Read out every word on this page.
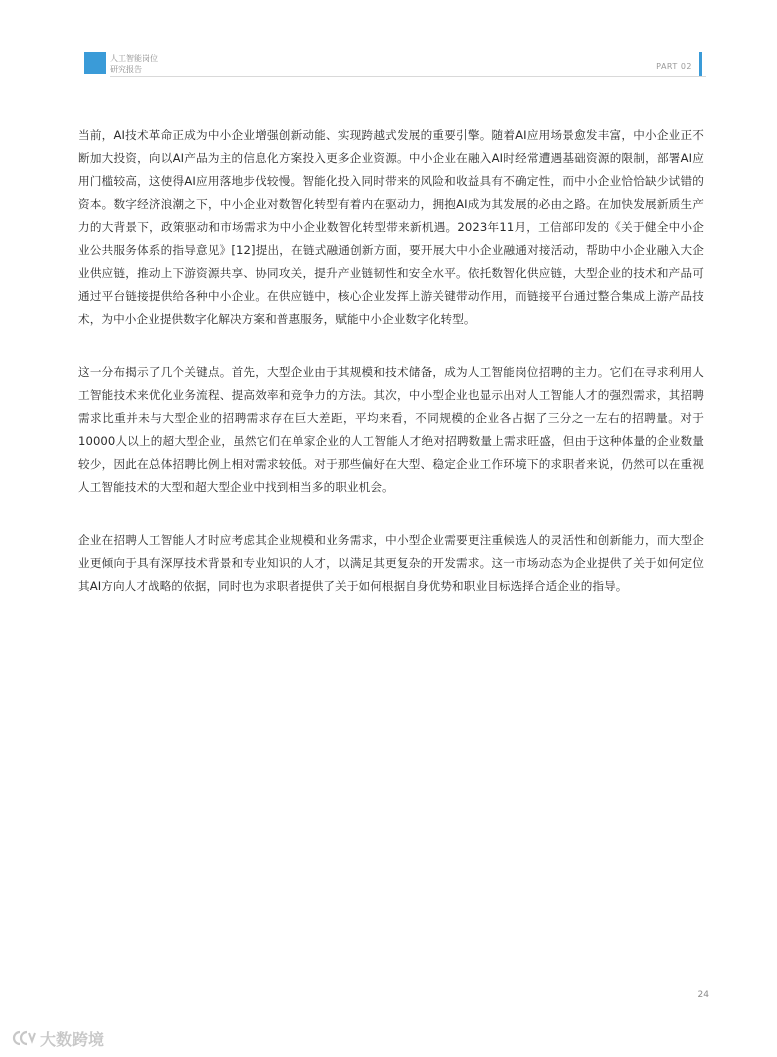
人工智能岗位
研究报告	PART 02

当前，AI技术革命正成为中小企业增强创新动能、实现跨越式发展的重要引擎。随着AI应用场景愈发丰富，中小企业正不断加大投资，向以AI产品为主的信息化方案投入更多企业资源。中小企业在融入AI时经常遭遇基础资源的限制，部署AI应用门槛较高，这使得AI应用落地步伐较慢。智能化投入同时带来的风险和收益具有不确定性，而中小企业恰恰缺少试错的资本。数字经济浪潮之下，中小企业对数智化转型有着内在驱动力，拥抱AI成为其发展的必由之路。在加快发展新质生产力的大背景下，政策驱动和市场需求为中小企业数智化转型带来新机遇。2023年11月，工信部印发的《关于健全中小企业公共服务体系的指导意见》[12]提出，在链式融通创新方面，要开展大中小企业融通对接活动，帮助中小企业融入大企业供应链，推动上下游资源共享、协同攻关，提升产业链韧性和安全水平。依托数智化供应链，大型企业的技术和产品可通过平台链接提供给各种中小企业。在供应链中，核心企业发挥上游关键带动作用，而链接平台通过整合集成上游产品技术，为中小企业提供数字化解决方案和普惠服务，赋能中小企业数字化转型。

这一分布揭示了几个关键点。首先，大型企业由于其规模和技术储备，成为人工智能岗位招聘的主力。它们在寻求利用人工智能技术来优化业务流程、提高效率和竞争力的方法。其次，中小型企业也显示出对人工智能人才的强烈需求，其招聘需求比重并未与大型企业的招聘需求存在巨大差距，平均来看，不同规模的企业各占据了三分之一左右的招聘量。对于10000人以上的超大型企业，虽然它们在单家企业的人工智能人才绝对招聘数量上需求旺盛，但由于这种体量的企业数量较少，因此在总体招聘比例上相对需求较低。对于那些偏好在大型、稳定企业工作环境下的求职者来说，仍然可以在重视人工智能技术的大型和超大型企业中找到相当多的职业机会。

企业在招聘人工智能人才时应考虑其企业规模和业务需求，中小型企业需要更注重候选人的灵活性和创新能力，而大型企业更倾向于具有深厚技术背景和专业知识的人才，以满足其更复杂的开发需求。这一市场动态为企业提供了关于如何定位其AI方向人才战略的依据，同时也为求职者提供了关于如何根据自身优势和职业目标选择合适企业的指导。

24
大数跨境
